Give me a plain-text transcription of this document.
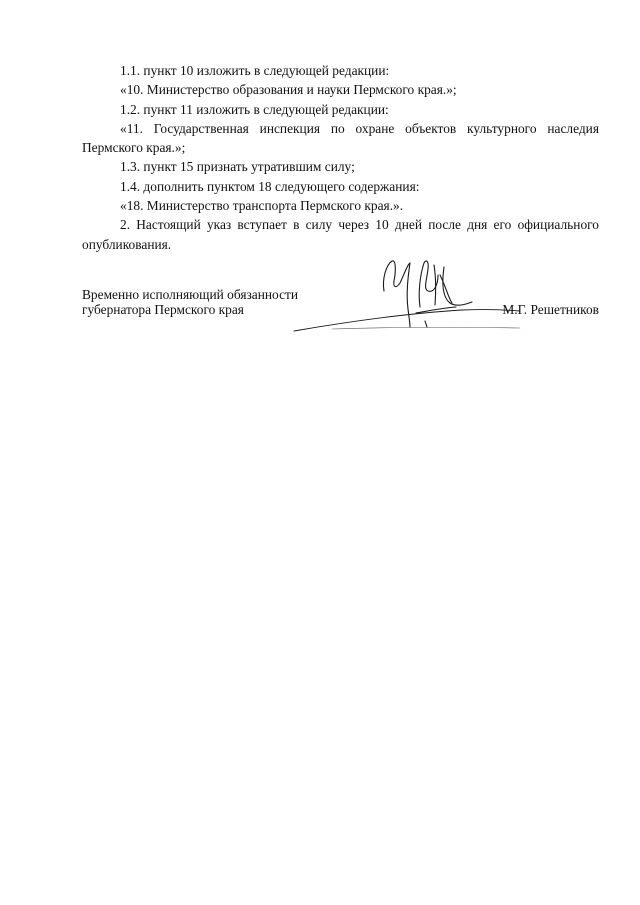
1.1. пункт 10 изложить в следующей редакции:

«10. Министерство образования и науки Пермского края.»;

1.2. пункт 11 изложить в следующей редакции:

«11. Государственная инспекция по охране объектов культурного наследия Пермского края.»;

1.3. пункт 15 признать утратившим силу;

1.4. дополнить пунктом 18 следующего содержания:

«18. Министерство транспорта Пермского края.».

2. Настоящий указ вступает в силу через 10 дней после дня его официального опубликования.

Временно исполняющий обязанности
губернатора Пермского края	М.Г. Решетников
